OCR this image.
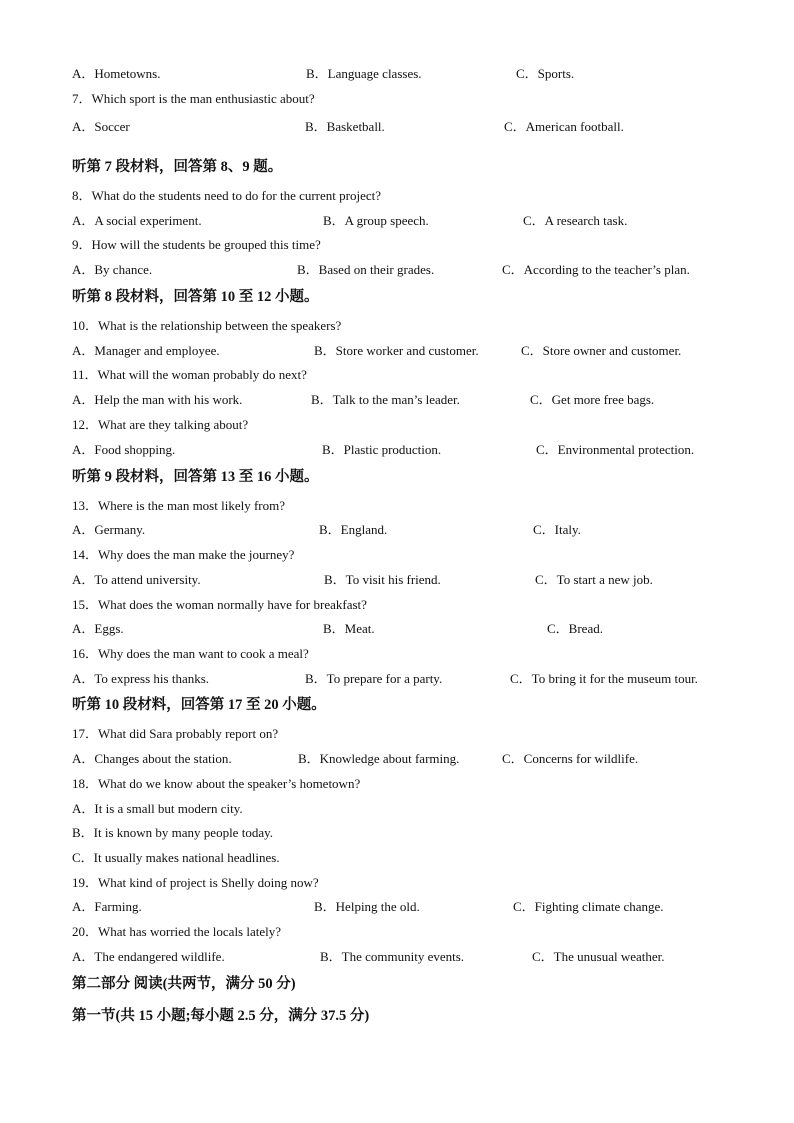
A．Hometowns.	B．Language classes.	C．Sports.
7．Which sport is the man enthusiastic about?
A．Soccer	B．Basketball.	C．American football.
听第 7 段材料，回答第 8、9 题。
8．What do the students need to do for the current project?
A．A social experiment.	B．A group speech.	C．A research task.
9．How will the students be grouped this time?
A．By chance.	B．Based on their grades.	C．According to the teacher’s plan.
听第 8 段材料，回答第 10 至 12 小题。
10．What is the relationship between the speakers?
A．Manager and employee.	B．Store worker and customer.	C．Store owner and customer.
11．What will the woman probably do next?
A．Help the man with his work.	B．Talk to the man’s leader.	C．Get more free bags.
12．What are they talking about?
A．Food shopping.	B．Plastic production.	C．Environmental protection.
听第 9 段材料，回答第 13 至 16 小题。
13．Where is the man most likely from?
A．Germany.	B．England.	C．Italy.
14．Why does the man make the journey?
A．To attend university.	B．To visit his friend.	C．To start a new job.
15．What does the woman normally have for breakfast?
A．Eggs.	B．Meat.	C．Bread.
16．Why does the man want to cook a meal?
A．To express his thanks.	B．To prepare for a party.	C．To bring it for the museum tour.
听第 10 段材料，回答第 17 至 20 小题。
17．What did Sara probably report on?
A．Changes about the station.	B．Knowledge about farming.	C．Concerns for wildlife.
18．What do we know about the speaker’s hometown?
A．It is a small but modern city.
B．It is known by many people today.
C．It usually makes national headlines.
19．What kind of project is Shelly doing now?
A．Farming.	B．Helping the old.	C．Fighting climate change.
20．What has worried the locals lately?
A．The endangered wildlife.	B．The community events.	C．The unusual weather.
第二部分 阅读(共两节，满分 50 分)
第一节(共 15 小题;每小题 2.5 分，满分 37.5 分)
